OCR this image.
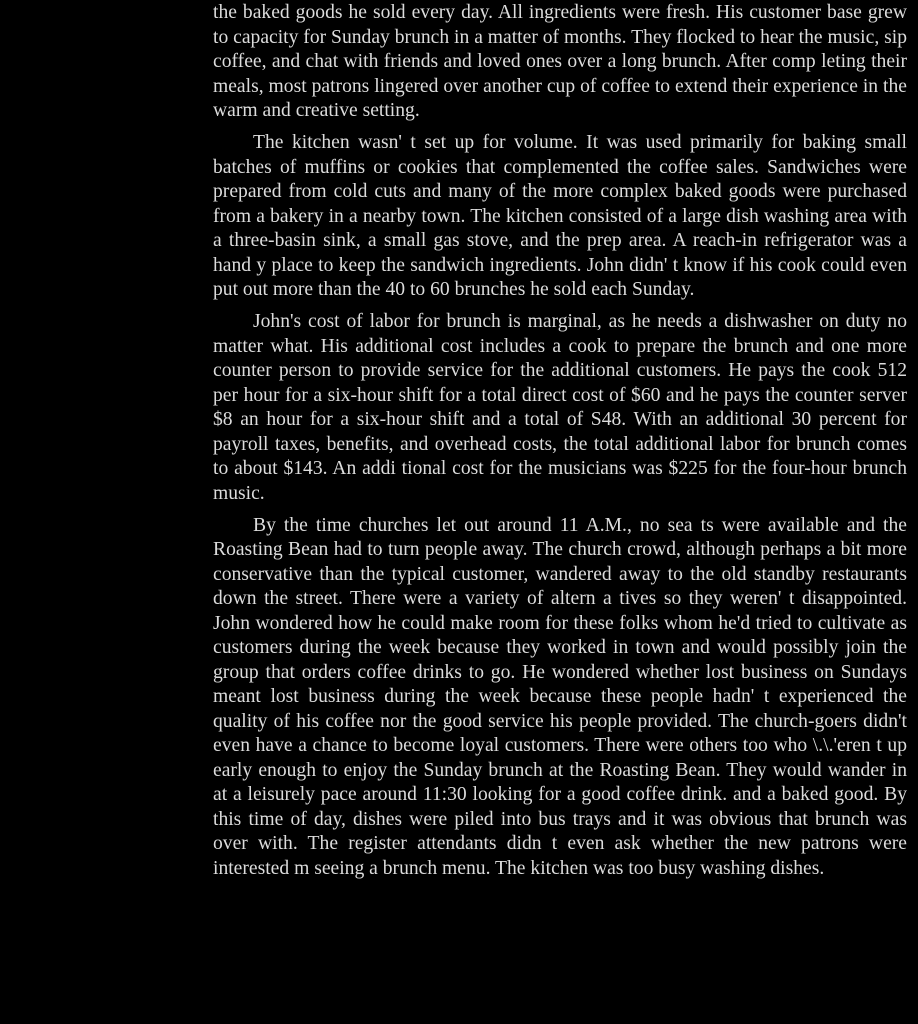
the baked goods he sold every day. All ingredients were fresh. His customer base grew to capacity for Sunday brunch in a matter of months. They flocked to hear the music, sip coffee, and chat with friends and loved ones over a long brunch. After comp leting their meals, most patrons lingered over another cup of coffee to extend their experience in the warm and creative setting.

The kitchen wasn' t set up for volume. It was used primarily for baking small batches of muffins or cookies that complemented the coffee sales. Sandwiches were prepared from cold cuts and many of the more complex baked goods were purchased from a bakery in a nearby town. The kitchen consisted of a large dish washing area with a three-basin sink, a small gas stove, and the prep area. A reach-in refrigerator was a hand y place to keep the sandwich ingredients. John didn' t know if his cook could even put out more than the 40 to 60 brunches he sold each Sunday.

John's cost of labor for brunch is marginal, as he needs a dishwasher on duty no matter what. His additional cost includes a cook to prepare the brunch and one more counter person to provide service for the additional customers. He pays the cook 512 per hour for a six-hour shift for a total direct cost of $60 and he pays the counter server $8 an hour for a six-hour shift and a total of S48. With an additional 30 percent for payroll taxes, benefits, and overhead costs, the total additional labor for brunch comes to about $143. An addi tional cost for the musicians was $225 for the four-hour brunch music.

By the time churches let out around 11 A.M., no sea ts were available and the Roasting Bean had to turn people away. The church crowd, although perhaps a bit more conservative than the typical customer, wandered away to the old standby restaurants down the street. There were a variety of altern a tives so they weren' t disappointed. John wondered how he could make room for these folks whom he'd tried to cultivate as customers during the week because they worked in town and would possibly join the group that orders coffee drinks to go. He wondered whether lost business on Sundays meant lost business during the week because these people hadn' t experienced the quality of his coffee nor the good service his people provided. The church-goers didn't even have a chance to become loyal customers. There were others too who \.\.'eren t up early enough to enjoy the Sunday brunch at the Roasting Bean. They would wander in at a leisurely pace around 11:30 looking for a good coffee drink. and a baked good. By this time of day, dishes were piled into bus trays and it was obvious that brunch was over with. The register attendants didn t even ask whether the new patrons were interested m seeing a brunch menu. The kitchen was too busy washing dishes.
